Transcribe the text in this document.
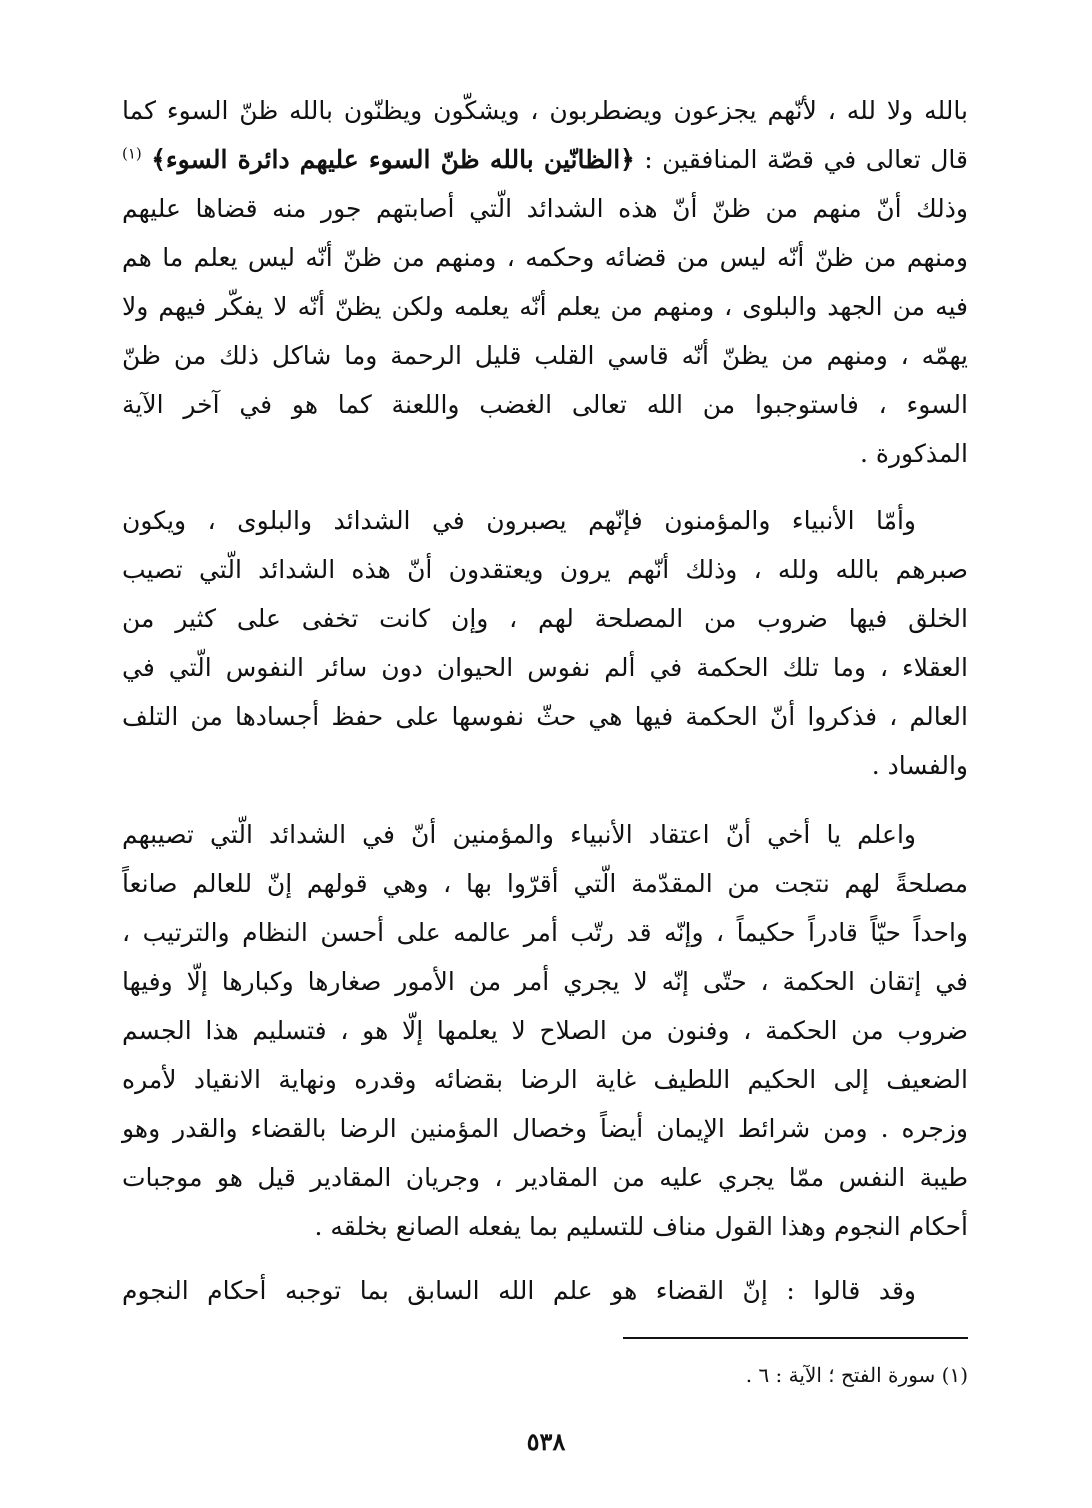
بالله ولا لله ، لأنّهم يجزعون ويضطربون ، ويشكّون ويظنّون بالله ظنّ السوء كما
قال تعالى في قصّة المنافقين : ﴿الظانّين بالله ظنّ السوء عليهم دائرة السوء﴾ $^{(١)}$
وذلك أنّ منهم من ظنّ أنّ هذه الشدائد الّتي أصابتهم جور منه قضاها عليهم
ومنهم من ظنّ أنّه ليس من قضائه وحكمه ، ومنهم من ظنّ أنّه ليس يعلم ما هم
فيه من الجهد والبلوى ، ومنهم من يعلم أنّه يعلمه ولكن يظنّ أنّه لا يفكّر فيهم ولا
يهمّه ، ومنهم من يظنّ أنّه قاسي القلب قليل الرحمة وما شاكل ذلك من ظنّ
السوء ، فاستوجبوا من الله تعالى الغضب واللعنة كما هو في آخر الآية
المذكورة .
وأمّا الأنبياء والمؤمنون فإنّهم يصبرون في الشدائد والبلوى ، ويكون
صبرهم بالله ولله ، وذلك أنّهم يرون ويعتقدون أنّ هذه الشدائد الّتي تصيب
الخلق فيها ضروب من المصلحة لهم ، وإن كانت تخفى على كثير من
العقلاء ، وما تلك الحكمة في ألم نفوس الحيوان دون سائر النفوس الّتي في
العالم ، فذكروا أنّ الحكمة فيها هي حثّ نفوسها على حفظ أجسادها من التلف
والفساد .
واعلم يا أخي أنّ اعتقاد الأنبياء والمؤمنين أنّ في الشدائد الّتي تصيبهم
مصلحةً لهم نتجت من المقدّمة الّتي أقرّوا بها ، وهي قولهم إنّ للعالم صانعاً
واحداً حيّاً قادراً حكيماً ، وإنّه قد رتّب أمر عالمه على أحسن النظام والترتيب ،
في إتقان الحكمة ، حتّى إنّه لا يجري أمر من الأمور صغارها وكبارها إلّا وفيها
ضروب من الحكمة ، وفنون من الصلاح لا يعلمها إلّا هو ، فتسليم هذا الجسم
الضعيف إلى الحكيم اللطيف غاية الرضا بقضائه وقدره ونهاية الانقياد لأمره
وزجره . ومن شرائط الإيمان أيضاً وخصال المؤمنين الرضا بالقضاء والقدر وهو
طيبة النفس ممّا يجري عليه من المقادير ، وجريان المقادير قيل هو موجبات
أحكام النجوم وهذا القول مناف للتسليم بما يفعله الصانع بخلقه .
وقد قالوا : إنّ القضاء هو علم الله السابق بما توجبه أحكام النجوم
(١) سورة الفتح ؛ الآية : ٦ .
٥٣٨
